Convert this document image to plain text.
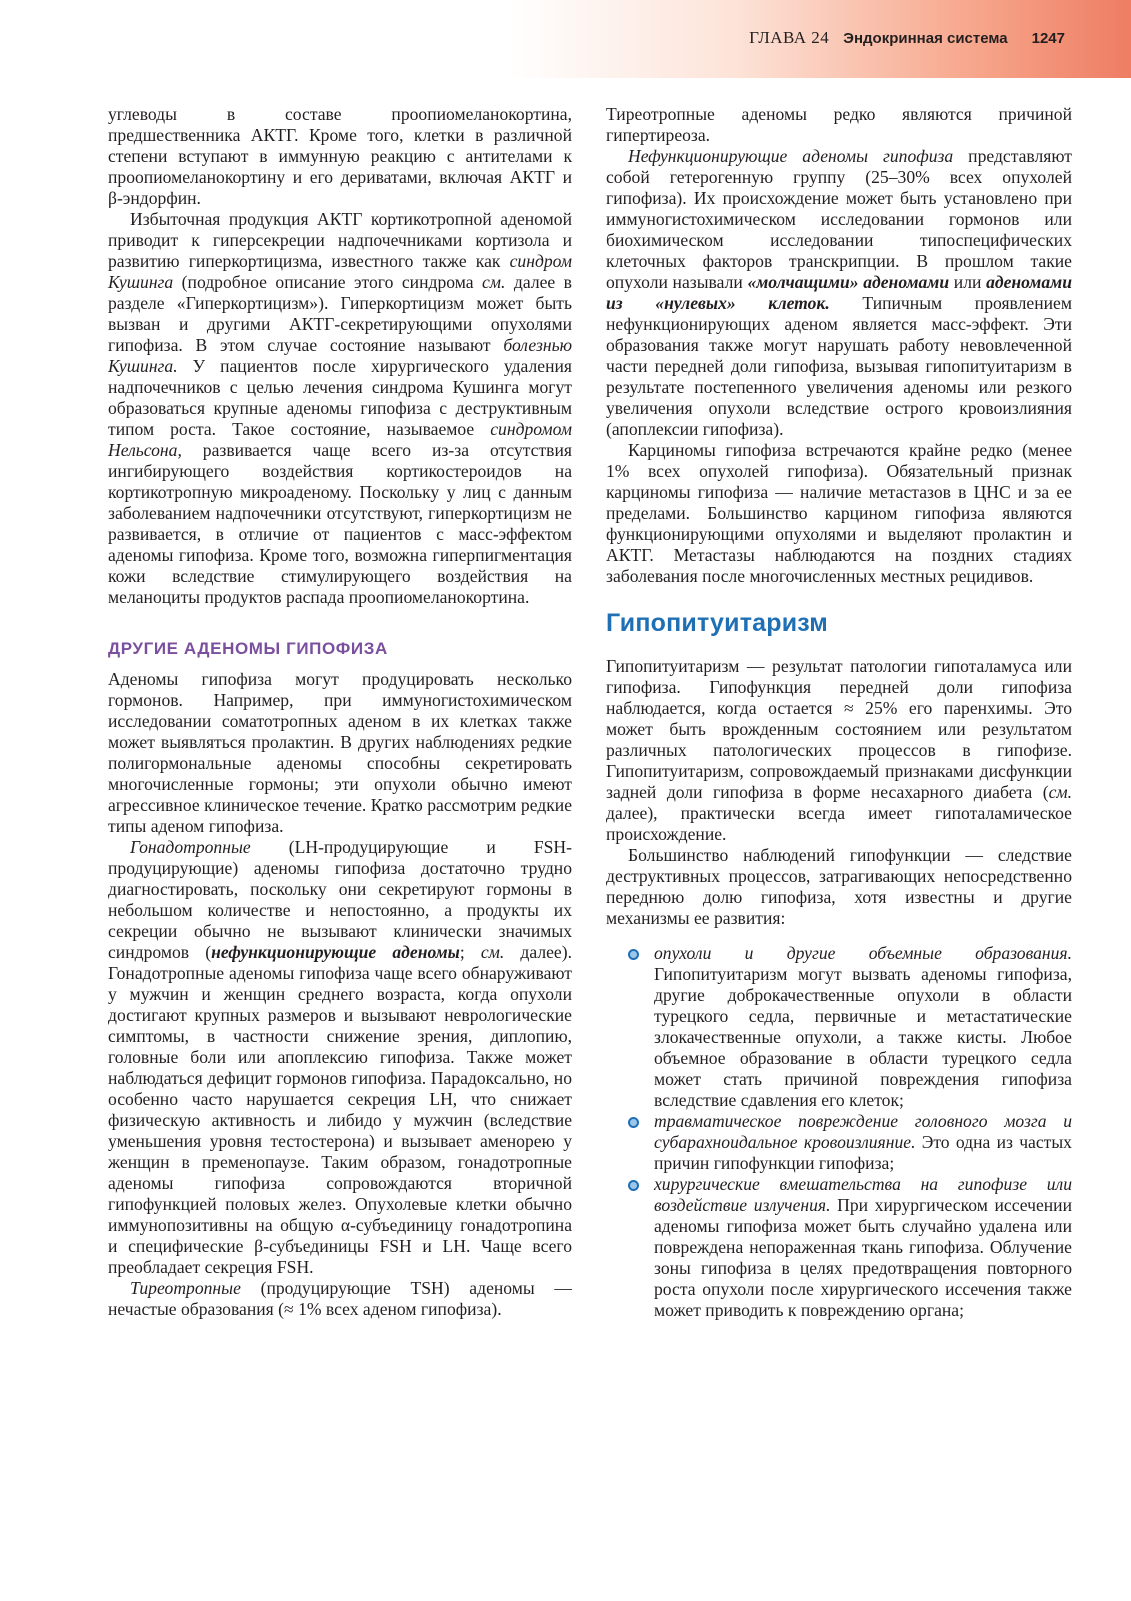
ГЛАВА 24 Эндокринная система 1247

углеводы в составе проопиомеланокортина, предшественника АКТГ. Кроме того, клетки в различной степени вступают в иммунную реакцию с антителами к проопиомеланокортину и его дериватами, включая АКТГ и β-эндорфин.

Избыточная продукция АКТГ кортикотропной аденомой приводит к гиперсекреции надпочечниками кортизола и развитию гиперкортицизма, известного также как синдром Кушинга (подробное описание этого синдрома см. далее в разделе «Гиперкортицизм»). Гиперкортицизм может быть вызван и другими АКТГ-секретирующими опухолями гипофиза. В этом случае состояние называют болезнью Кушинга. У пациентов после хирургического удаления надпочечников с целью лечения синдрома Кушинга могут образоваться крупные аденомы гипофиза с деструктивным типом роста. Такое состояние, называемое синдромом Нельсона, развивается чаще всего из-за отсутствия ингибирующего воздействия кортикостероидов на кортикотропную микроаденому. Поскольку у лиц с данным заболеванием надпочечники отсутствуют, гиперкортицизм не развивается, в отличие от пациентов с масс-эффектом аденомы гипофиза. Кроме того, возможна гиперпигментация кожи вследствие стимулирующего воздействия на меланоциты продуктов распада проопиомеланокортина.

ДРУГИЕ АДЕНОМЫ ГИПОФИЗА

Аденомы гипофиза могут продуцировать несколько гормонов. Например, при иммуногистохимическом исследовании соматотропных аденом в их клетках также может выявляться пролактин. В других наблюдениях редкие полигормональные аденомы способны секретировать многочисленные гормоны; эти опухоли обычно имеют агрессивное клиническое течение. Кратко рассмотрим редкие типы аденом гипофиза.

Гонадотропные (LH-продуцирующие и FSH-продуцирующие) аденомы гипофиза достаточно трудно диагностировать, поскольку они секретируют гормоны в небольшом количестве и непостоянно, а продукты их секреции обычно не вызывают клинически значимых синдромов (нефункционирующие аденомы; см. далее). Гонадотропные аденомы гипофиза чаще всего обнаруживают у мужчин и женщин среднего возраста, когда опухоли достигают крупных размеров и вызывают неврологические симптомы, в частности снижение зрения, диплопию, головные боли или апоплексию гипофиза. Также может наблюдаться дефицит гормонов гипофиза. Парадоксально, но особенно часто нарушается секреция LH, что снижает физическую активность и либидо у мужчин (вследствие уменьшения уровня тестостерона) и вызывает аменорею у женщин в пременопаузе. Таким образом, гонадотропные аденомы гипофиза сопровождаются вторичной гипофункцией половых желез. Опухолевые клетки обычно иммунопозитивны на общую α-субъединицу гонадотропина и специфические β-субъединицы FSH и LH. Чаще всего преобладает секреция FSH.

Тиреотропные (продуцирующие TSH) аденомы — нечастые образования (≈ 1% всех аденом гипофиза).

Тиреотропные аденомы редко являются причиной гипертиреоза.

Нефункционирующие аденомы гипофиза представляют собой гетерогенную группу (25–30% всех опухолей гипофиза). Их происхождение может быть установлено при иммуногистохимическом исследовании гормонов или биохимическом исследовании типоспецифических клеточных факторов транскрипции. В прошлом такие опухоли называли «молчащими» аденомами или аденомами из «нулевых» клеток. Типичным проявлением нефункционирующих аденом является масс-эффект. Эти образования также могут нарушать работу невовлеченной части передней доли гипофиза, вызывая гипопитуитаризм в результате постепенного увеличения аденомы или резкого увеличения опухоли вследствие острого кровоизлияния (апоплексии гипофиза).

Карциномы гипофиза встречаются крайне редко (менее 1% всех опухолей гипофиза). Обязательный признак карциномы гипофиза — наличие метастазов в ЦНС и за ее пределами. Большинство карцином гипофиза являются функционирующими опухолями и выделяют пролактин и АКТГ. Метастазы наблюдаются на поздних стадиях заболевания после многочисленных местных рецидивов.

Гипопитуитаризм

Гипопитуитаризм — результат патологии гипоталамуса или гипофиза. Гипофункция передней доли гипофиза наблюдается, когда остается ≈ 25% его паренхимы. Это может быть врожденным состоянием или результатом различных патологических процессов в гипофизе. Гипопитуитаризм, сопровождаемый признаками дисфункции задней доли гипофиза в форме несахарного диабета (см. далее), практически всегда имеет гипоталамическое происхождение.

Большинство наблюдений гипофункции — следствие деструктивных процессов, затрагивающих непосредственно переднюю долю гипофиза, хотя известны и другие механизмы ее развития:

опухоли и другие объемные образования. Гипопитуитаризм могут вызвать аденомы гипофиза, другие доброкачественные опухоли в области турецкого седла, первичные и метастатические злокачественные опухоли, а также кисты. Любое объемное образование в области турецкого седла может стать причиной повреждения гипофиза вследствие сдавления его клеток;
травматическое повреждение головного мозга и субарахноидальное кровоизлияние. Это одна из частых причин гипофункции гипофиза;
хирургические вмешательства на гипофизе или воздействие излучения. При хирургическом иссечении аденомы гипофиза может быть случайно удалена или повреждена непораженная ткань гипофиза. Облучение зоны гипофиза в целях предотвращения повторного роста опухоли после хирургического иссечения также может приводить к повреждению органа;
